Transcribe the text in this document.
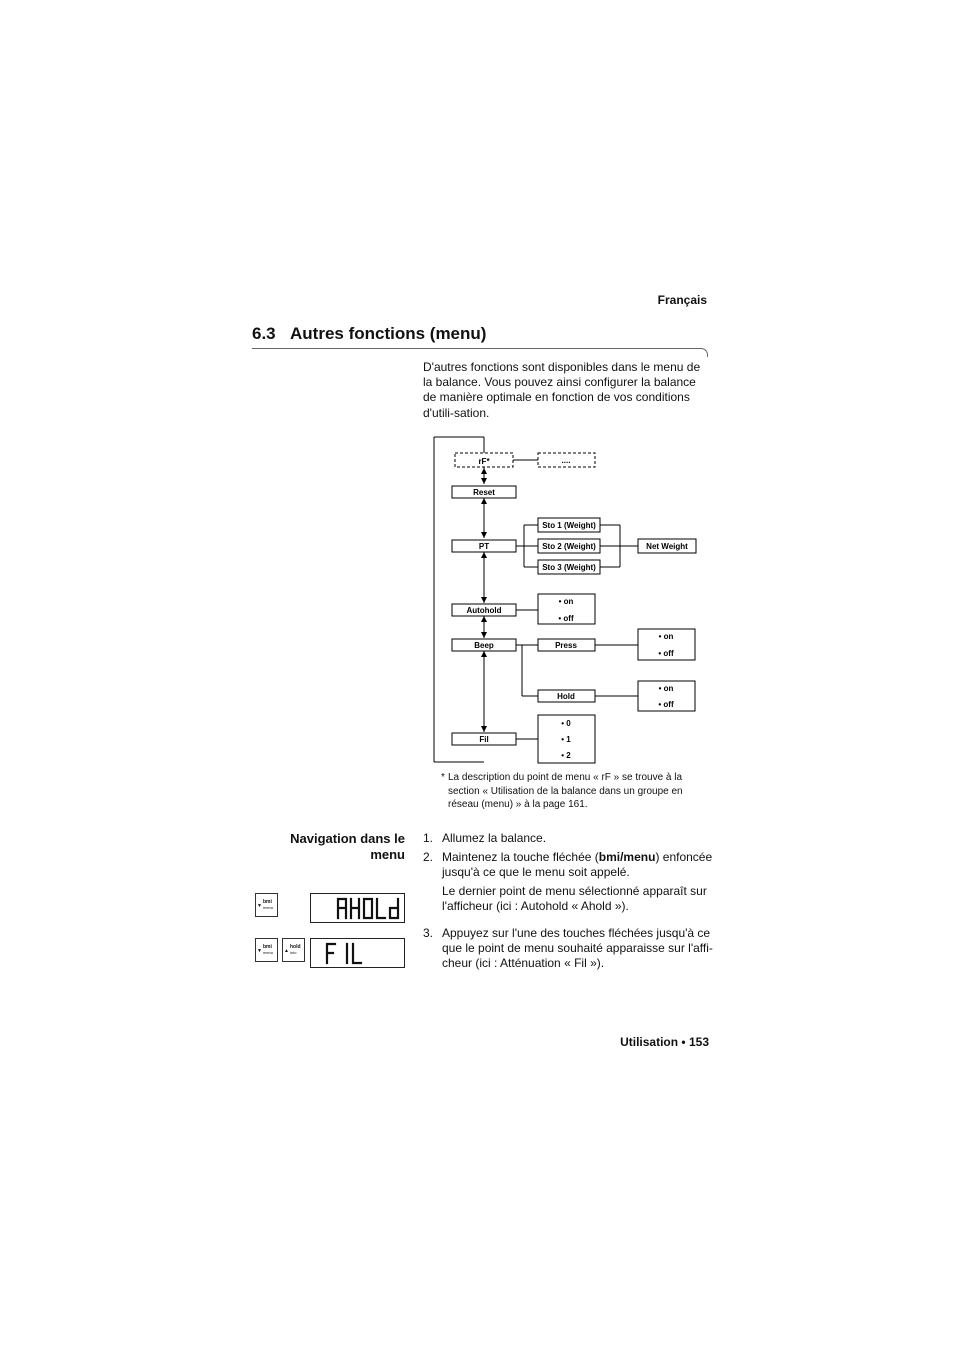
Français
6.3 Autres fonctions (menu)
D'autres fonctions sont disponibles dans le menu de la balance. Vous pouvez ainsi configurer la balance de manière optimale en fonction de vos conditions d'utili-sation.
rF*	....
Reset
PT
Sto 1 (Weight)
Sto 2 (Weight)
Sto 3 (Weight)
Net Weight
Autohold
• on
• off
Beep	Press
• on
• off
Hold
• on
• off
Fil
• 0
• 1
• 2
* La description du point de menu « rF » se trouve à la section « Utilisation de la balance dans un groupe en réseau (menu) » à la page 161.
Navigation dans le menu
1. Allumez la balance.

2. Maintenez la touche fléchée (bmi/menu) enfoncée jusqu'à ce que le menu soit appelé.

Le dernier point de menu sélectionné apparaît sur l'afficheur (ici : Autohold « Ahold »).

3. Appuyez sur l'une des touches fléchées jusqu'à ce que le point de menu souhaité apparaisse sur l'affi-cheur (ici : Atténuation « Fil »).

▼
bmi
menu
▼
bmi
menu ▲
hold
info
Utilisation • 153
